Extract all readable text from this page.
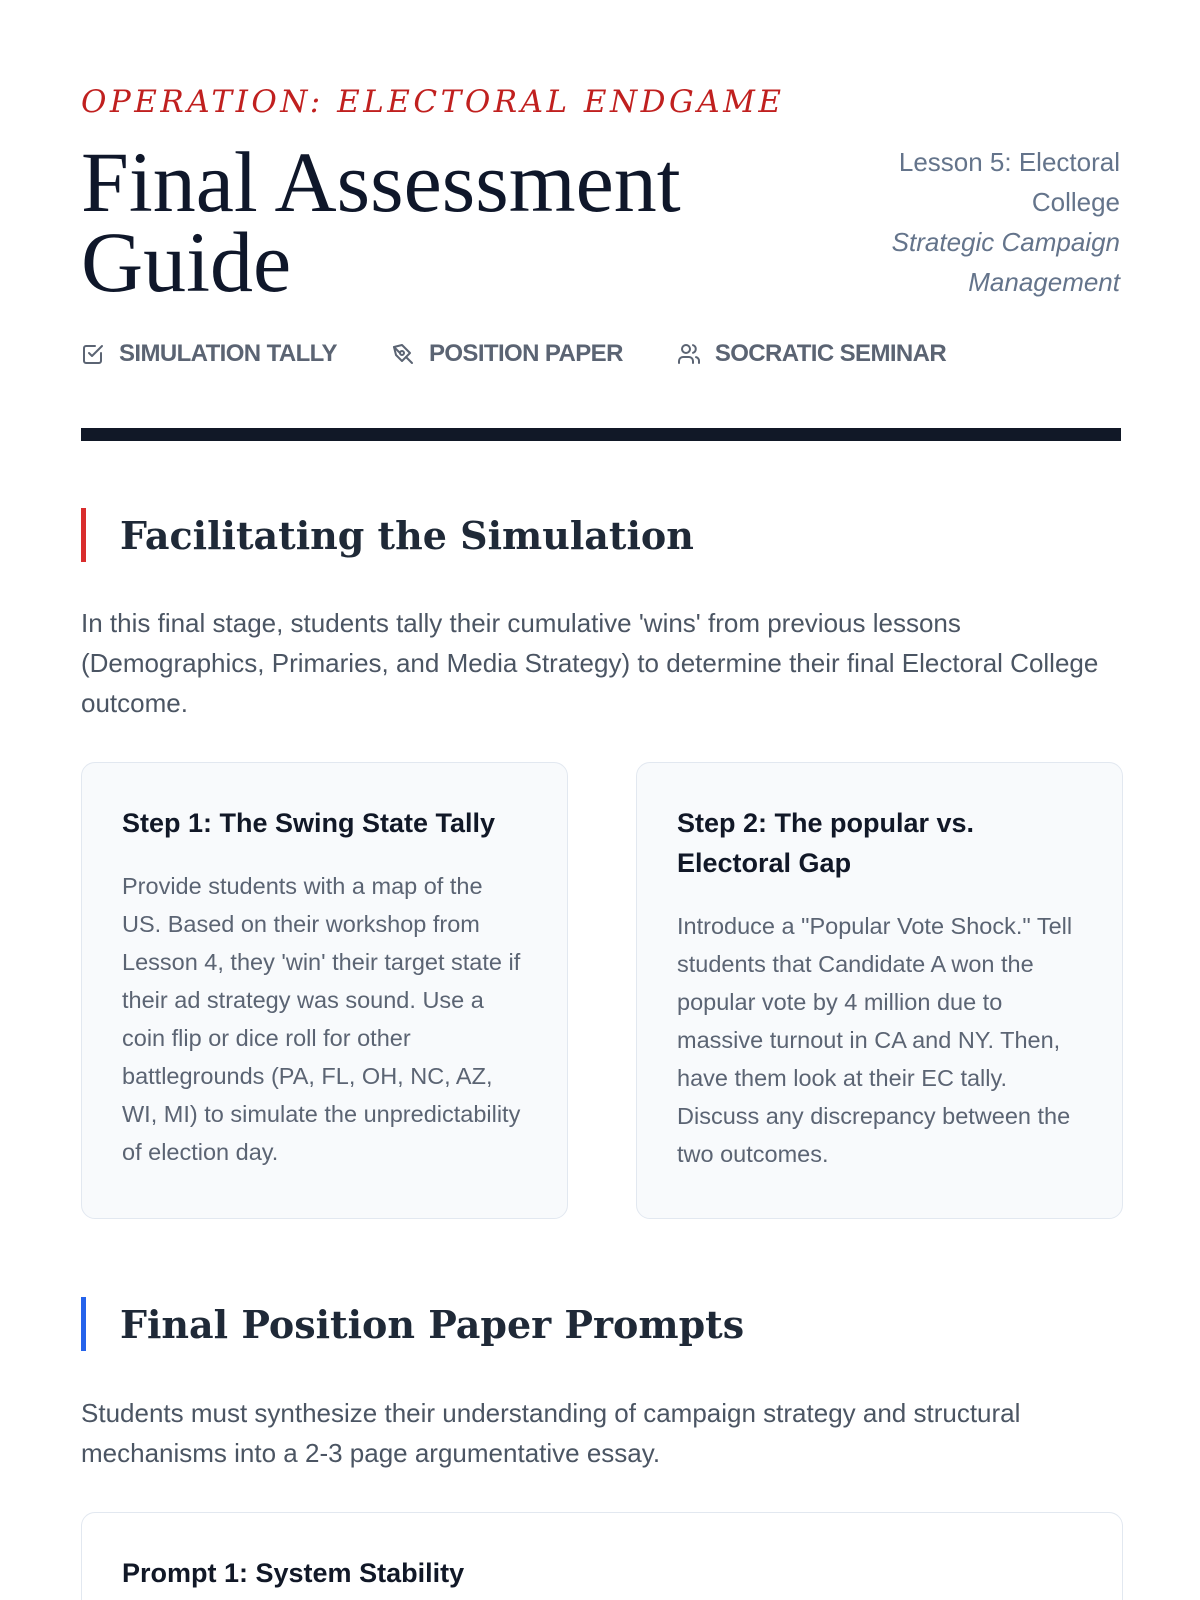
OPERATION: ELECTORAL ENDGAME
Final Assessment Guide
Lesson 5: Electoral College
Strategic Campaign Management
SIMULATION TALLY	POSITION PAPER	SOCRATIC SEMINAR
Facilitating the Simulation

In this final stage, students tally their cumulative 'wins' from previous lessons (Demographics, Primaries, and Media Strategy) to determine their final Electoral College outcome.

Step 1: The Swing State Tally

Provide students with a map of the US. Based on their workshop from Lesson 4, they 'win' their target state if their ad strategy was sound. Use a coin flip or dice roll for other battlegrounds (PA, FL, OH, NC, AZ, WI, MI) to simulate the unpredictability of election day.

Step 2: The popular vs. Electoral Gap

Introduce a "Popular Vote Shock." Tell students that Candidate A won the popular vote by 4 million due to massive turnout in CA and NY. Then, have them look at their EC tally. Discuss any discrepancy between the two outcomes.

Final Position Paper Prompts

Students must synthesize their understanding of campaign strategy and structural mechanisms into a 2-3 page argumentative essay.

Prompt 1: System Stability
